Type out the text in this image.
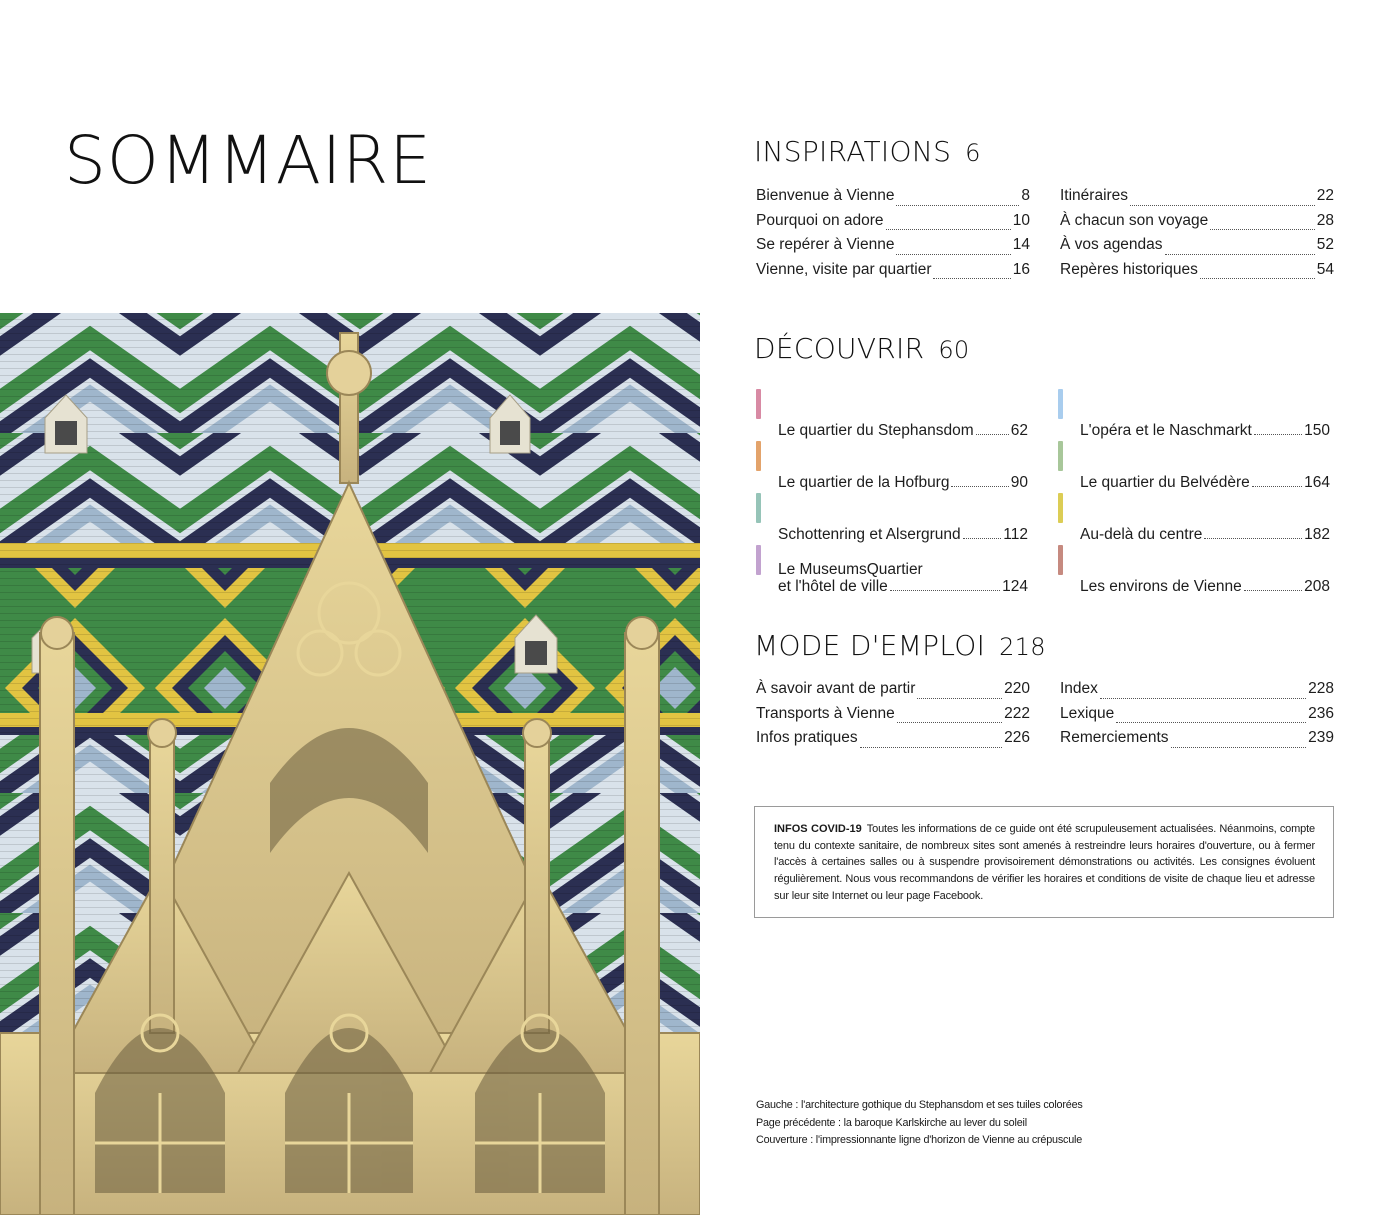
SOMMAIRE	INSPIRATIONS 6
Bienvenue à Vienne	8
Pourquoi on adore	10
Se repérer à Vienne	14
Vienne, visite par quartier	16
Itinéraires	22
À chacun son voyage	28
À vos agendas	52
Repères historiques	54
DÉCOUVRIR 60
Le quartier du Stephansdom 62
Le quartier de la Hofburg	90
Schottenring et Alsergrund	112
Le MuseumsQuartier
et l'hôtel de ville	124
L'opéra et le Naschmarkt	150
Le quartier du Belvédère	164
Au-delà du centre	182
Les environs de Vienne	208
MODE D'EMPLOI 218
À savoir avant de partir	220
Transports à Vienne	222
Infos pratiques	226
Index	228
Lexique	236
Remerciements	239
INFOS COVID-19 Toutes les informations de ce guide ont été scrupuleusement actualisées. Néanmoins, compte tenu du contexte sanitaire, de nombreux sites sont amenés à restreindre leurs horaires d'ouverture, ou à fermer l'accès à certaines salles ou à suspendre provisoirement démonstrations ou activités. Les consignes évoluent régulièrement. Nous vous recommandons de vérifier les horaires et conditions de visite de chaque lieu et adresse sur leur site Internet ou leur page Facebook.
Gauche : l'architecture gothique du Stephansdom et ses tuiles colorées
Page précédente : la baroque Karlskirche au lever du soleil
Couverture : l'impressionnante ligne d'horizon de Vienne au crépuscule
